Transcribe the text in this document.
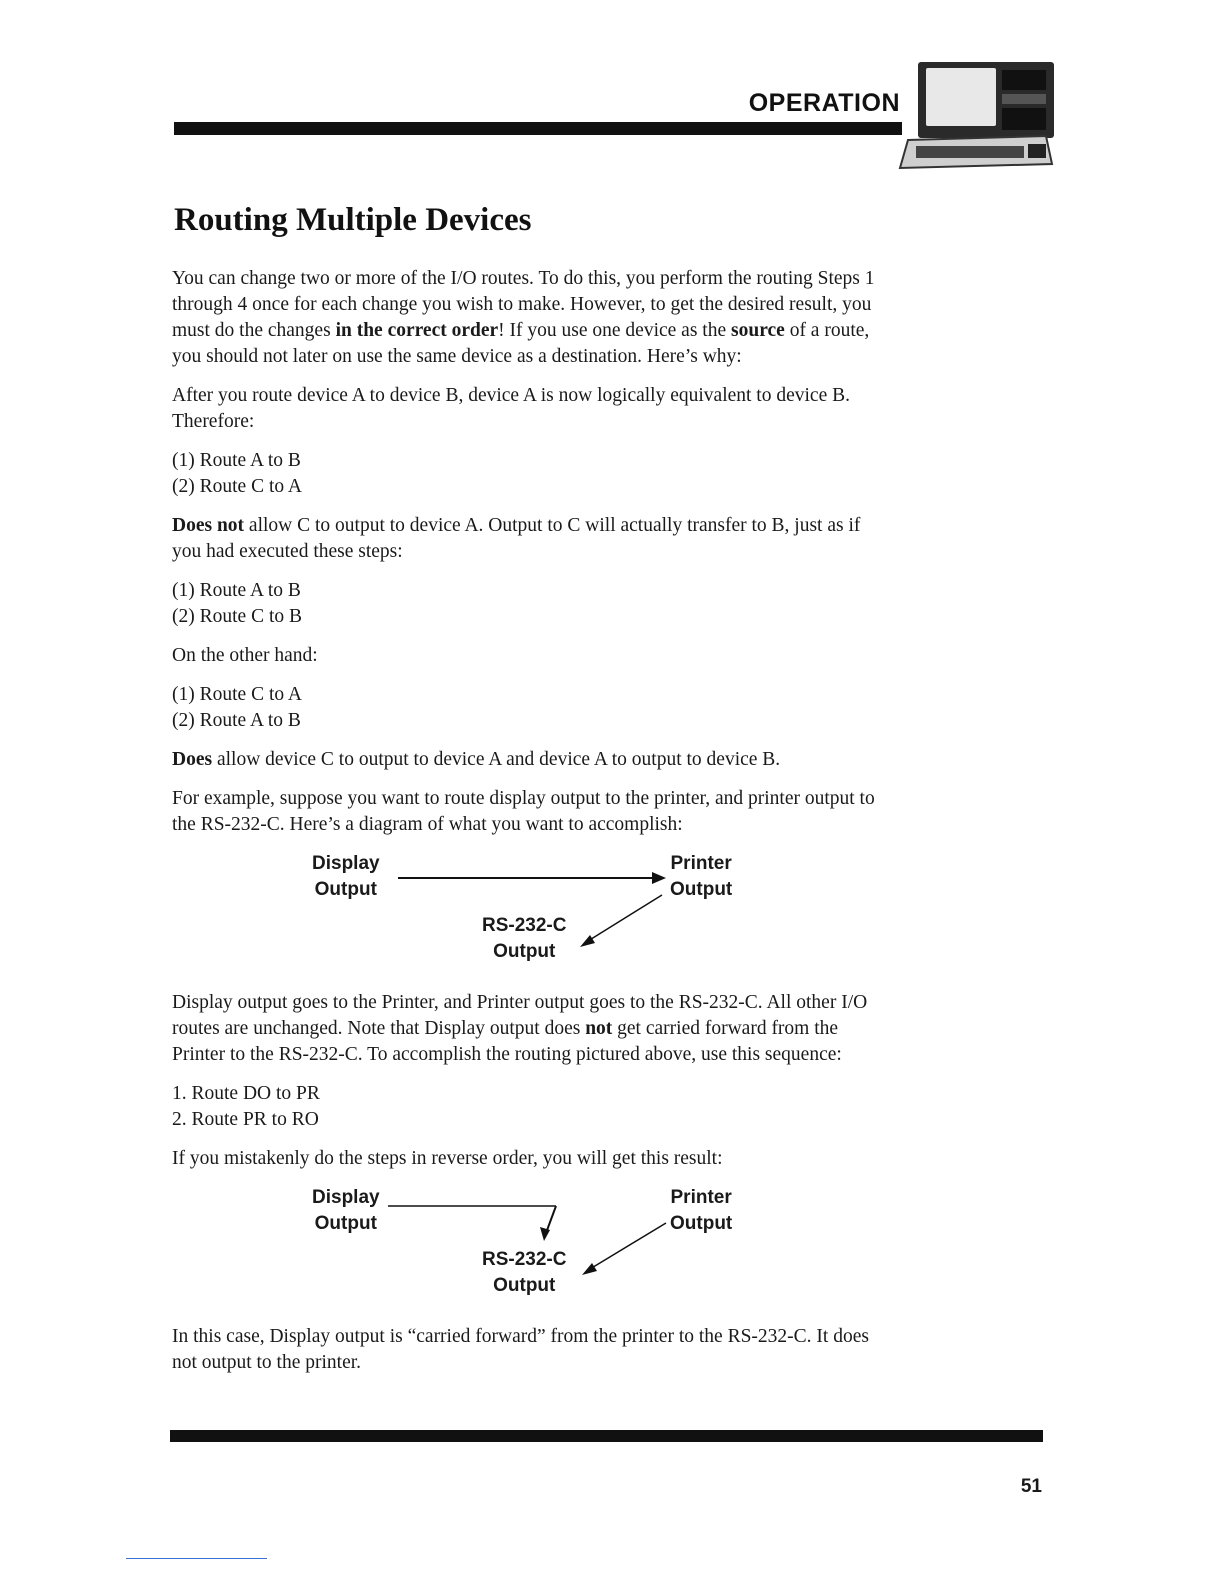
OPERATION
Routing Multiple Devices

You can change two or more of the I/O routes. To do this, you perform the routing Steps 1 through 4 once for each change you wish to make. However, to get the desired result, you must do the changes in the correct order! If you use one device as the source of a route, you should not later on use the same device as a destination. Here’s why:

After you route device A to device B, device A is now logically equivalent to device B. Therefore:

(1) Route A to B
(2) Route C to A

Does not allow C to output to device A. Output to C will actually transfer to B, just as if you had executed these steps:

(1) Route A to B
(2) Route C to B

On the other hand:

(1) Route C to A
(2) Route A to B

Does allow device C to output to device A and device A to output to device B.

For example, suppose you want to route display output to the printer, and printer output to the RS-232-C. Here’s a diagram of what you want to accomplish:

Display
Output
Printer
Output
RS-232-C
Output

Display output goes to the Printer, and Printer output goes to the RS-232-C. All other I/O routes are unchanged. Note that Display output does not get carried forward from the Printer to the RS-232-C. To accomplish the routing pictured above, use this sequence:

1. Route DO to PR
2. Route PR to RO

If you mistakenly do the steps in reverse order, you will get this result:

Display
Output
Printer
Output
RS-232-C
Output

In this case, Display output is “carried forward” from the printer to the RS-232-C. It does not output to the printer.

51
